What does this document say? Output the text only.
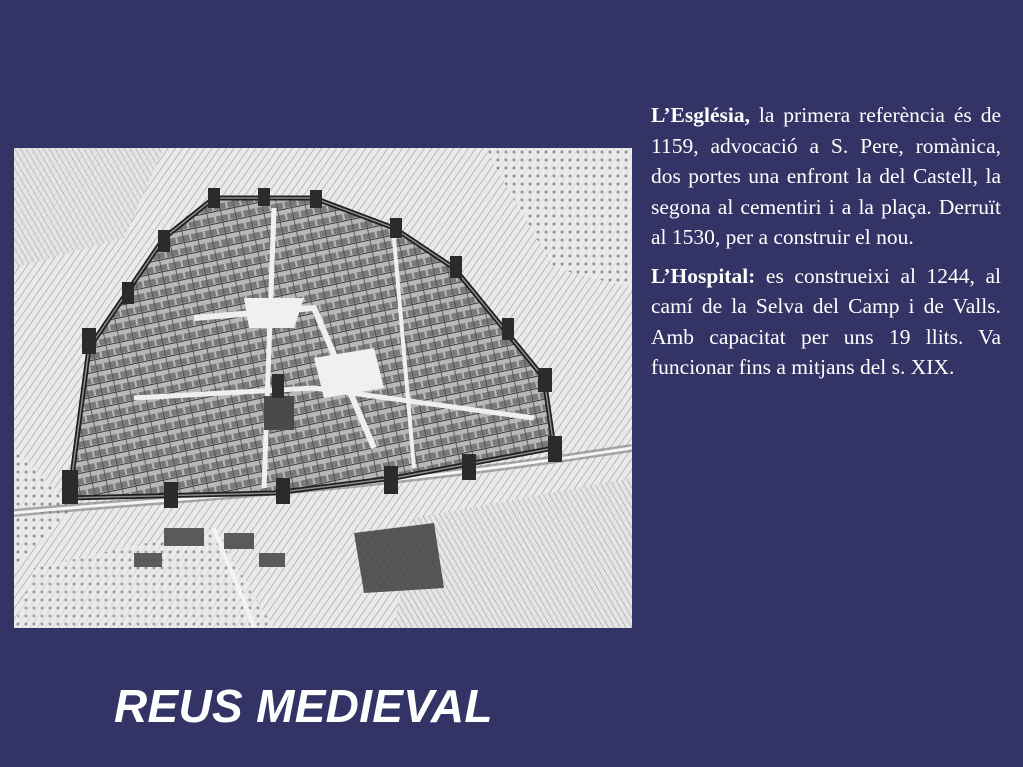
L’Església, la primera referència és de 1159, advocació a S. Pere, romànica, dos portes una enfront la del Castell, la segona al cementiri i a la plaça. Derruït al 1530, per a construir el nou.

L’Hospital: es construeixi al 1244, al camí de la Selva del Camp i de Valls. Amb capacitat per uns 19 llits. Va funcionar fins a mitjans del s. XIX.

REUS MEDIEVAL
